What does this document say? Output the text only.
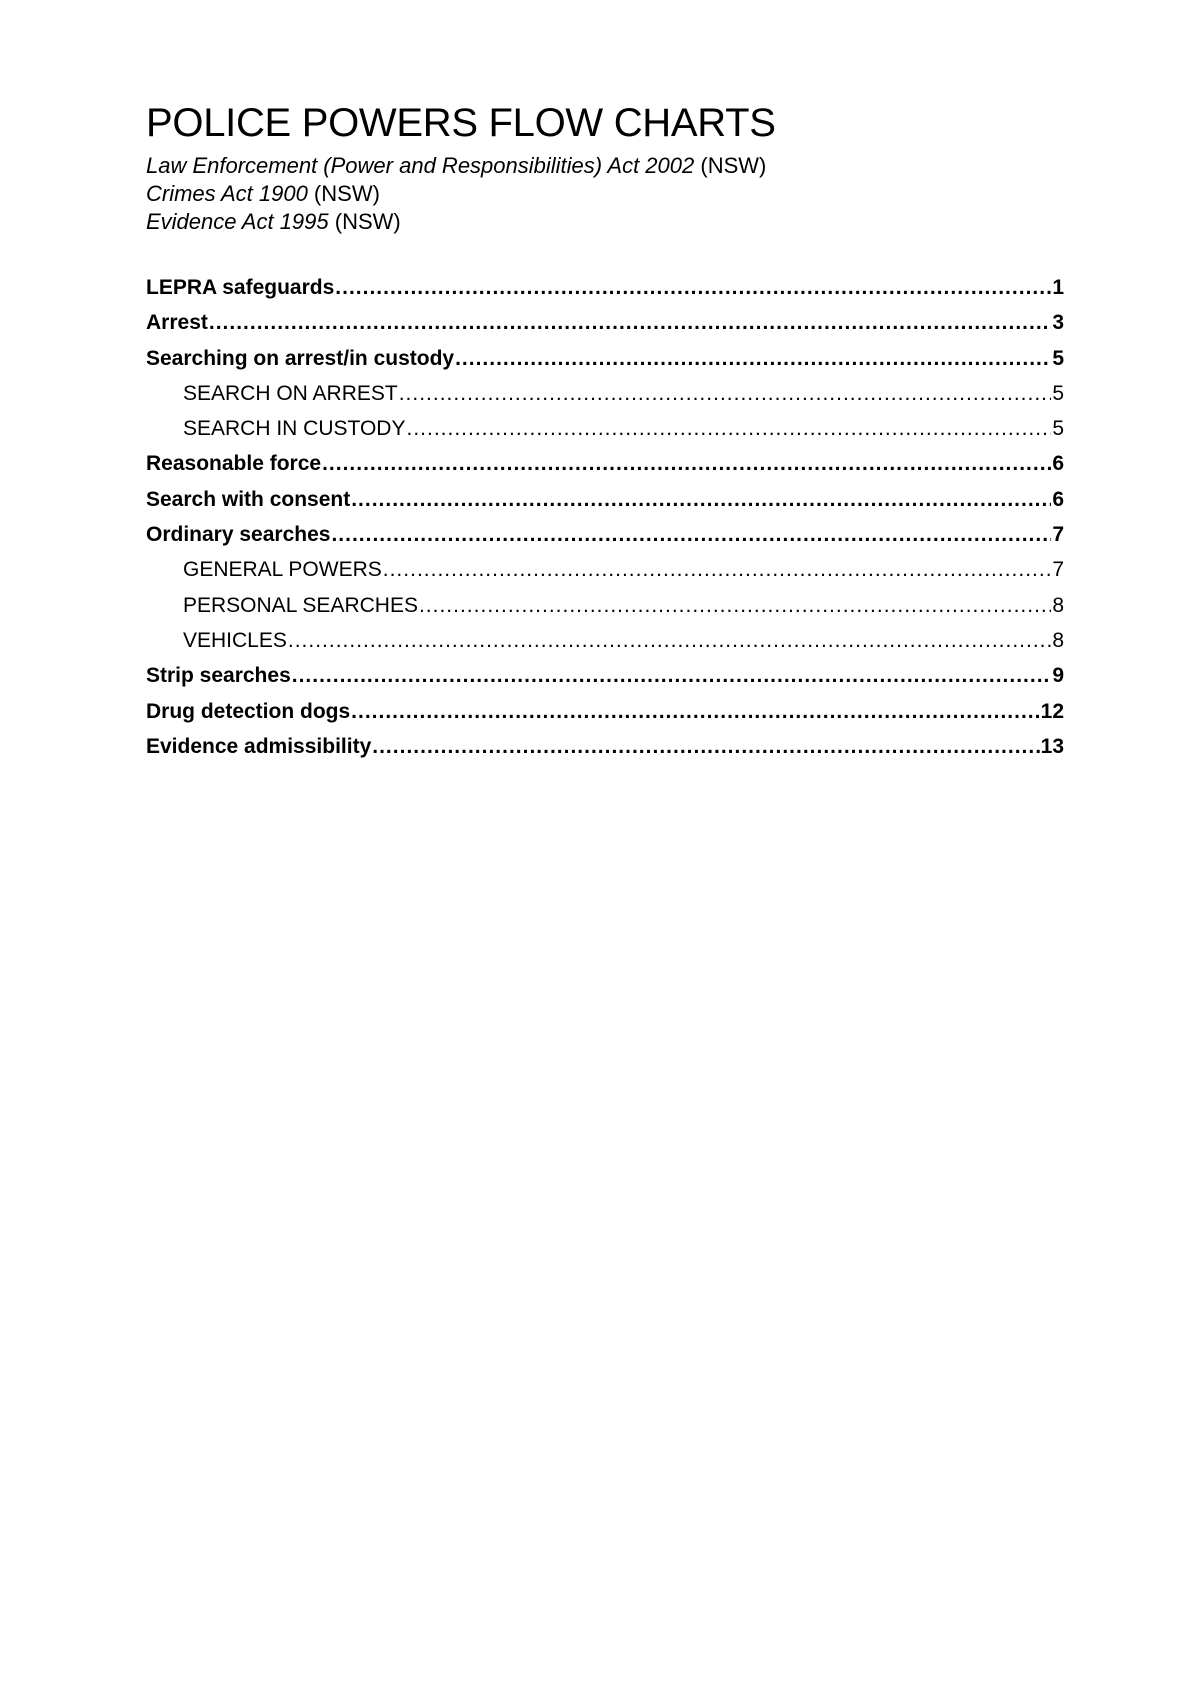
POLICE POWERS FLOW CHARTS

Law Enforcement (Power and Responsibilities) Act 2002 (NSW)

Crimes Act 1900 (NSW)

Evidence Act 1995 (NSW)

LEPRA safeguards .....	1
Arrest .....	3
Searching on arrest/in custody .....	5
SEARCH ON ARREST .....	5
SEARCH IN CUSTODY .....	5
Reasonable force .....	6
Search with consent .....	6
Ordinary searches .....	7
GENERAL POWERS .....	7
PERSONAL SEARCHES .....	8
VEHICLES .....	8
Strip searches .....	9
Drug detection dogs .....	12
Evidence admissibility .....	13
